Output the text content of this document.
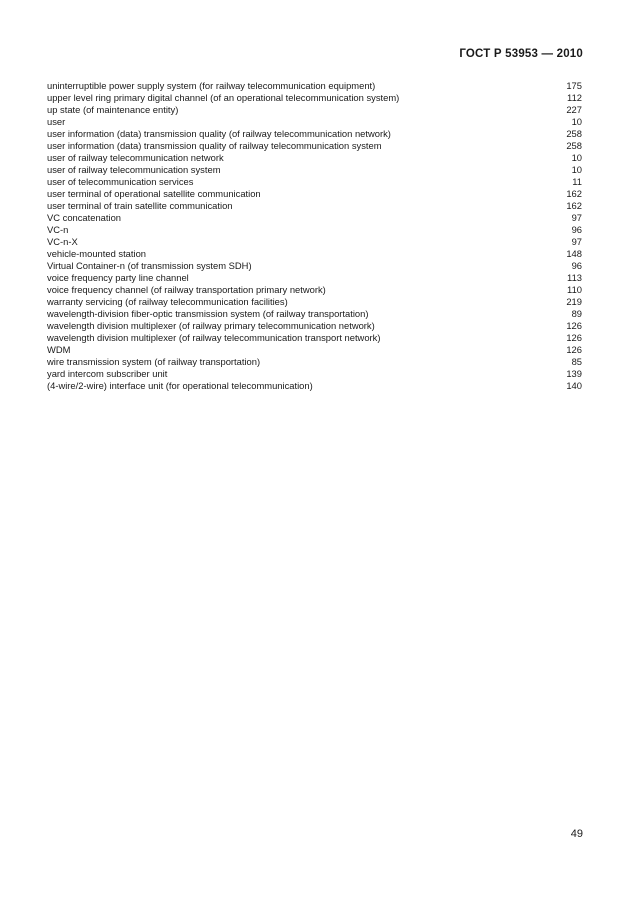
ГОСТ Р 53953 — 2010
uninterruptible power supply system (for railway telecommunication equipment)	175
upper level ring primary digital channel (of an operational telecommunication system)	112
up state (of maintenance entity)	227
user	10
user information (data) transmission quality (of railway telecommunication network)	258
user information (data) transmission quality of railway telecommunication system	258
user of railway telecommunication network	10
user of railway telecommunication system	10
user of telecommunication services	11
user terminal of operational satellite communication	162
user terminal of train satellite communication	162
VC concatenation	97
VC-n	96
VC-n-X	97
vehicle-mounted station	148
Virtual Container-n (of transmission system SDH)	96
voice frequency party line channel	113
voice frequency channel (of railway transportation primary network)	110
warranty servicing (of railway telecommunication facilities)	219
wavelength-division fiber-optic transmission system (of railway transportation)	89
wavelength division multiplexer (of railway primary telecommunication network)	126
wavelength division multiplexer (of railway telecommunication transport network)	126
WDM	126
wire transmission system (of railway transportation)	85
yard intercom subscriber unit	139
(4-wire/2-wire) interface unit (for operational telecommunication)	140
49
